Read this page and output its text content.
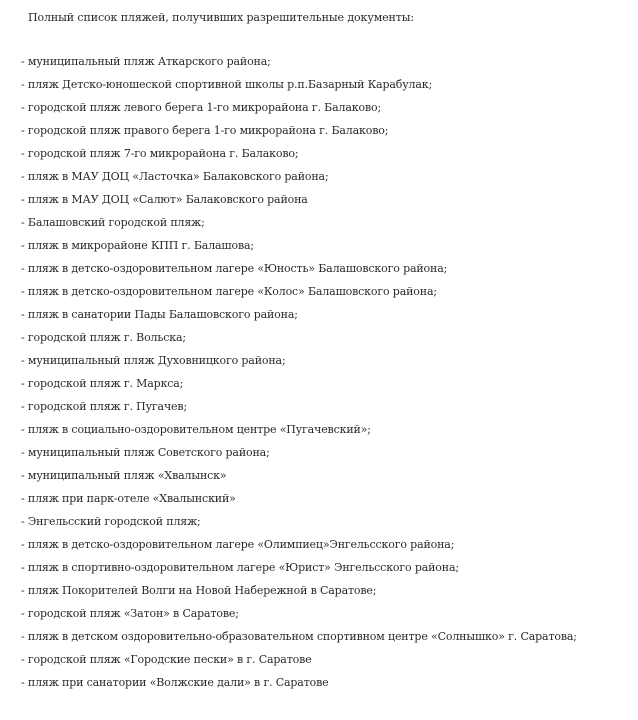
Полный список пляжей, получивших разрешительные документы:
- муниципальный пляж Аткарского района;
- пляж Детско-юношеской спортивной школы р.п.Базарный Карабулак;
- городской пляж левого берега 1-го микрорайона г. Балаково;
- городской пляж правого берега 1-го микрорайона г. Балаково;
- городской пляж 7-го микрорайона г. Балаково;
- пляж в МАУ ДОЦ «Ласточка» Балаковского района;
- пляж в МАУ ДОЦ «Салют» Балаковского района
- Балашовский городской пляж;
- пляж в микрорайоне КПП г. Балашова;
- пляж в детско-оздоровительном лагере «Юность» Балашовского района;
- пляж в детско-оздоровительном лагере «Колос» Балашовского района;
- пляж в санатории Пады Балашовского района;
- городской пляж г. Вольска;
- муниципальный пляж Духовницкого района;
- городской пляж г. Маркса;
- городской пляж г. Пугачев;
- пляж в социально-оздоровительном центре «Пугачевский»;
- муниципальный пляж Советского района;
- муниципальный пляж «Хвалынск»
- пляж при парк-отеле «Хвалынский»
- Энгельсский городской пляж;
- пляж в детско-оздоровительном лагере «Олимпиец»Энгельсского района;
- пляж в спортивно-оздоровительном лагере «Юрист» Энгельсского района;
- пляж Покорителей Волги на Новой Набережной в Саратове;
- городской пляж «Затон» в Саратове;
- пляж в детском оздоровительно-образовательном спортивном центре «Солнышко» г. Саратова;
- городской пляж «Городские пески» в г. Саратове
- пляж при санатории «Волжские дали» в г. Саратове
